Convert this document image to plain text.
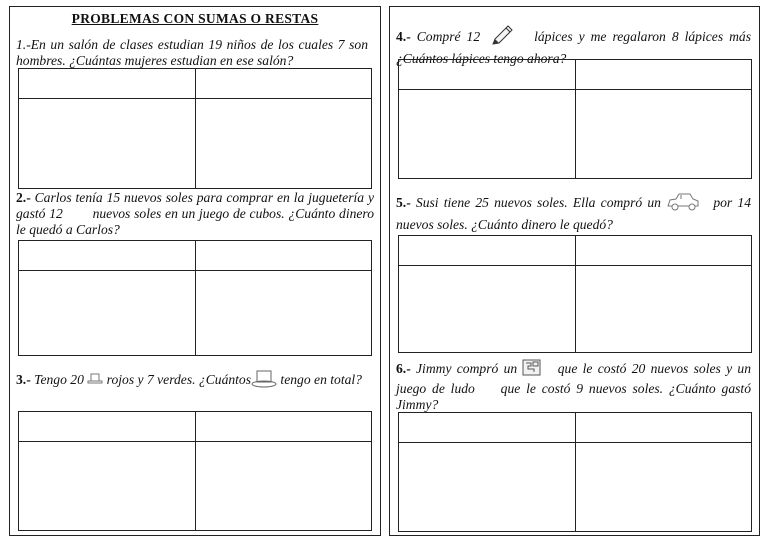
PROBLEMAS CON SUMAS O RESTAS
1.-En un salón de clases estudian 19 niños de los cuales 7 son hombres. ¿Cuántas mujeres estudian en ese salón?
2.- Carlos tenía 15 nuevos soles para comprar en la juguetería y gastó 12 nuevos soles en un juego de cubos. ¿Cuánto dinero le quedó a Carlos?
3.- Tengo 20  rojos y 7 verdes. ¿Cuántos tengo en total?
4.- Compré 12	lápices y me regalaron 8 lápices más ¿Cuántos lápices tengo ahora?
5.- Susi tiene 25 nuevos soles. Ella compró un	por 14 nuevos soles. ¿Cuánto dinero le quedó?
6.- Jimmy compró un  que le costó 20 nuevos soles y un juego de ludo que le costó 9 nuevos soles. ¿Cuánto gastó Jimmy?
